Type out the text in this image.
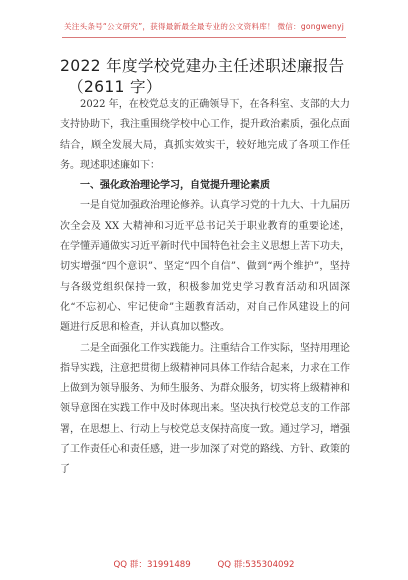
关注头条号“公文研究”，获得最新最全最专业的公文资料库！ 微信：gongwenyj
2022 年度学校党建办主任述职述廉报告
（2611 字）

2022 年，在校党总支的正确领导下，在各科室、支部的大力支持协助下，我注重围绕学校中心工作，提升政治素质，强化点面结合，顾全发展大局，真抓实效实干，较好地完成了各项工作任务。现述职述廉如下：

一、强化政治理论学习，自觉提升理论素质

一是自觉加强政治理论修养。认真学习党的十九大、十九届历次全会及 XX 大精神和习近平总书记关于职业教育的重要论述，在学懂弄通做实习近平新时代中国特色社会主义思想上苦下功夫，切实增强“四个意识”、坚定“四个自信”、做到“两个维护”，坚持与各级党组织保持一致，积极参加党史学习教育活动和巩固深化“不忘初心、牢记使命”主题教育活动，对自己作风建设上的问题进行反思和检查，并认真加以整改。

二是全面强化工作实践能力。注重结合工作实际，坚持用理论指导实践，注意把贯彻上级精神同具体工作结合起来，力求在工作上做到为领导服务、为师生服务、为群众服务，切实将上级精神和领导意图在实践工作中及时体现出来。坚决执行校党总支的工作部署，在思想上、行动上与校党总支保持高度一致。通过学习，增强了工作责任心和责任感，进一步加深了对党的路线、方针、政策的了

QQ 群：31991489	QQ 群:535304092
